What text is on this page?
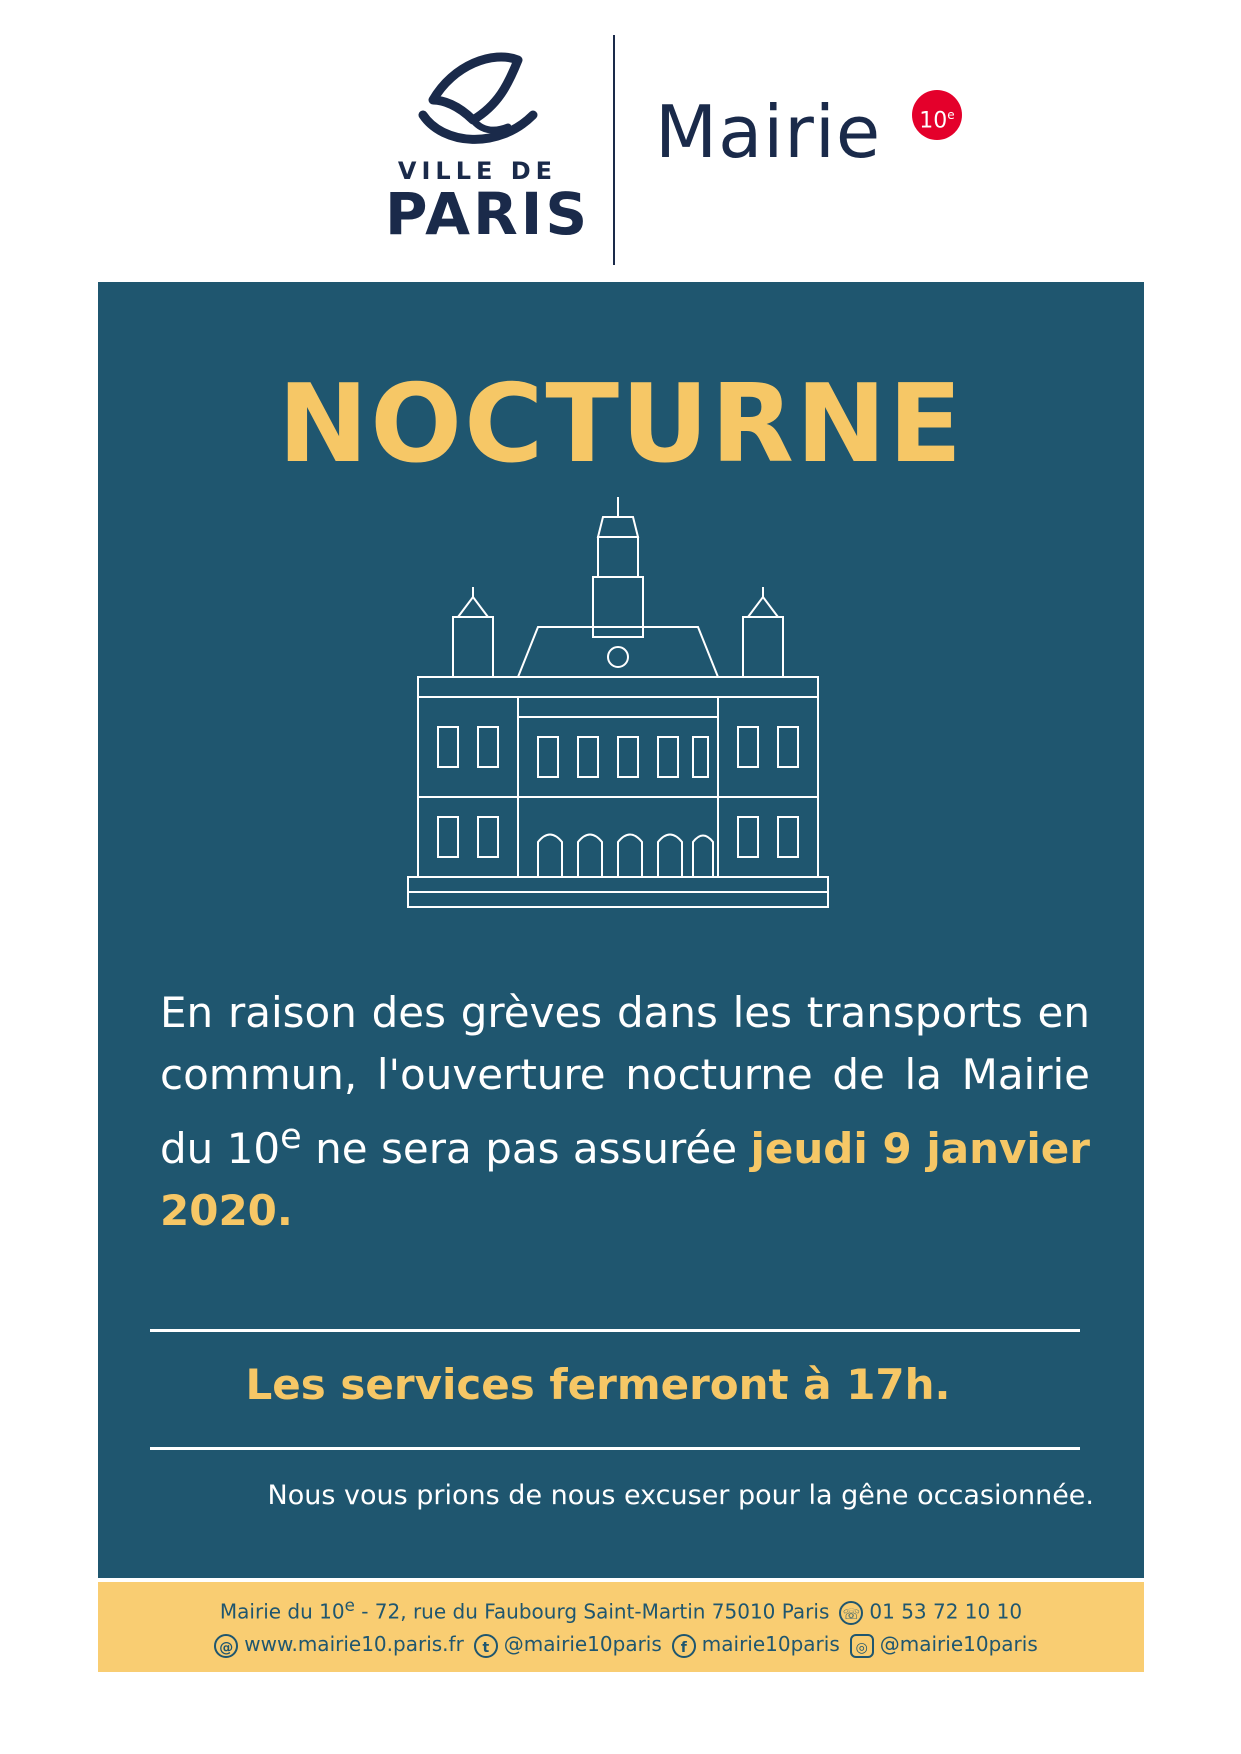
VILLE DE
PARIS
Mairie	10e
NOCTURNE
En raison des grèves dans les transports en commun, l'ouverture nocturne de la Mairie du 10e ne sera pas assurée jeudi 9 janvier 2020.
Les services fermeront à 17h.
Nous vous prions de nous excuser pour la gêne occasionnée.
Mairie du 10e - 72, rue du Faubourg Saint-Martin 75010 Paris ☏ 01 53 72 10 10
@ www.mairie10.paris.fr t @mairie10paris f mairie10paris ◎ @mairie10paris
